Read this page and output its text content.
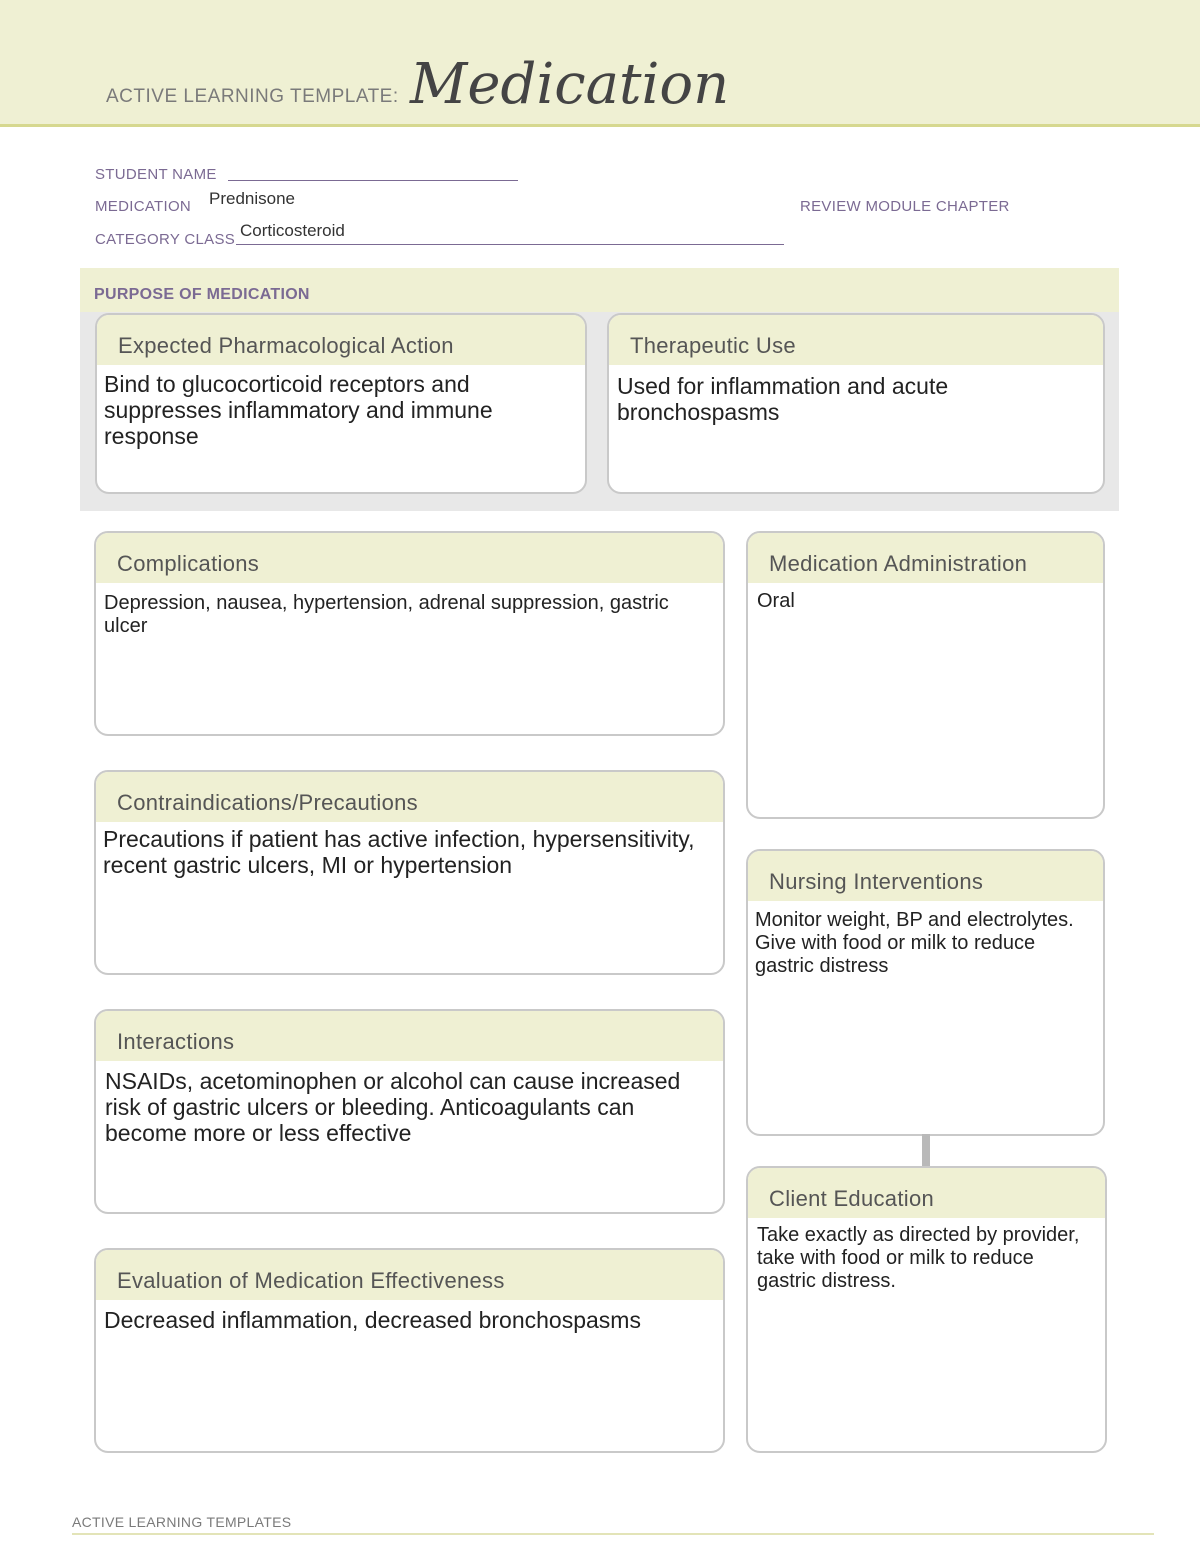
ACTIVE LEARNING TEMPLATE: Medication
STUDENT NAME
MEDICATION Prednisone	REVIEW MODULE CHAPTER
CATEGORY CLASS Corticosteroid
PURPOSE OF MEDICATION
Expected Pharmacological Action
Bind to glucocorticoid receptors and suppresses inflammatory and immune response
Therapeutic Use
Used for inflammation and acute bronchospasms
Complications
Depression, nausea, hypertension, adrenal suppression, gastric ulcer
Contraindications/Precautions
Precautions if patient has active infection, hypersensitivity, recent gastric ulcers, MI or hypertension
Interactions
NSAIDs, acetominophen or alcohol can cause increased risk of gastric ulcers or bleeding. Anticoagulants can become more or less effective
Evaluation of Medication Effectiveness
Decreased inflammation, decreased bronchospasms
Medication Administration
Oral
Nursing Interventions
Monitor weight, BP and electrolytes. Give with food or milk to reduce gastric distress
Client Education
Take exactly as directed by provider, take with food or milk to reduce gastric distress.
ACTIVE LEARNING TEMPLATES
